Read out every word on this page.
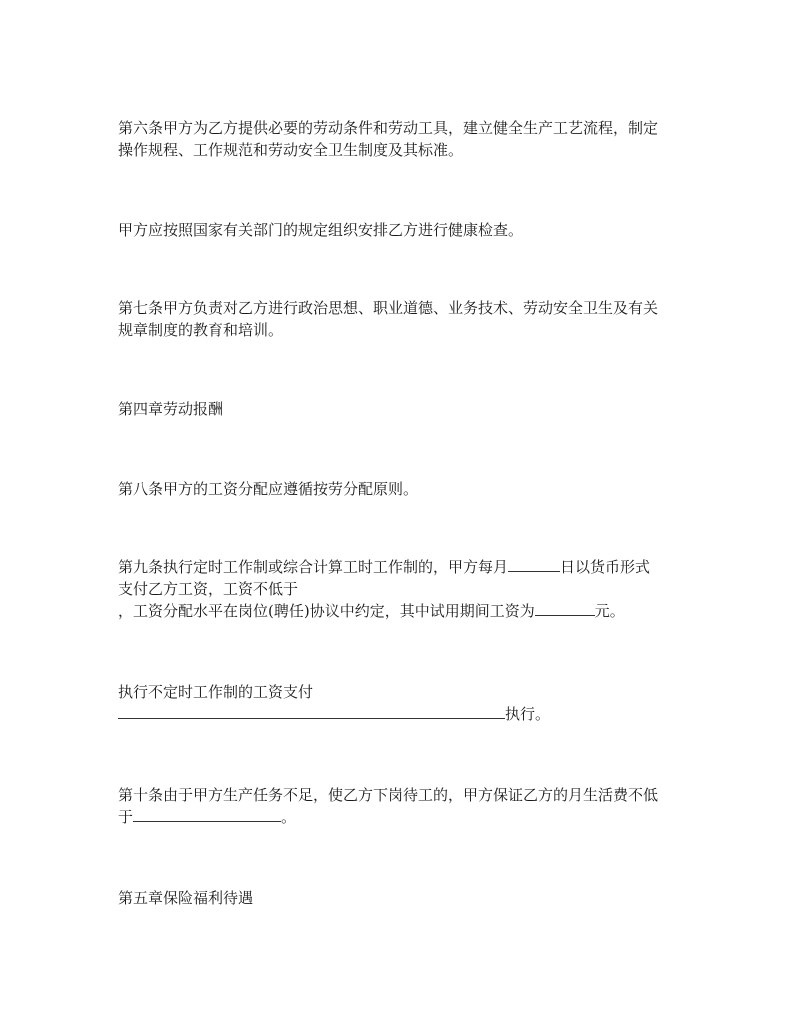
第六条甲方为乙方提供必要的劳动条件和劳动工具，建立健全生产工艺流程，制定
操作规程、工作规范和劳动安全卫生制度及其标准。
甲方应按照国家有关部门的规定组织安排乙方进行健康检查。
第七条甲方负责对乙方进行政治思想、职业道德、业务技术、劳动安全卫生及有关
规章制度的教育和培训。
第四章劳动报酬
第八条甲方的工资分配应遵循按劳分配原则。
第九条执行定时工作制或综合计算工时工作制的，甲方每月	日以货币形式
支付乙方工资，工资不低于
，工资分配水平在岗位(聘任)协议中约定，其中试用期间工资为	元。
执行不定时工作制的工资支付
执行。
第十条由于甲方生产任务不足，使乙方下岗待工的，甲方保证乙方的月生活费不低
于	。
第五章保险福利待遇
